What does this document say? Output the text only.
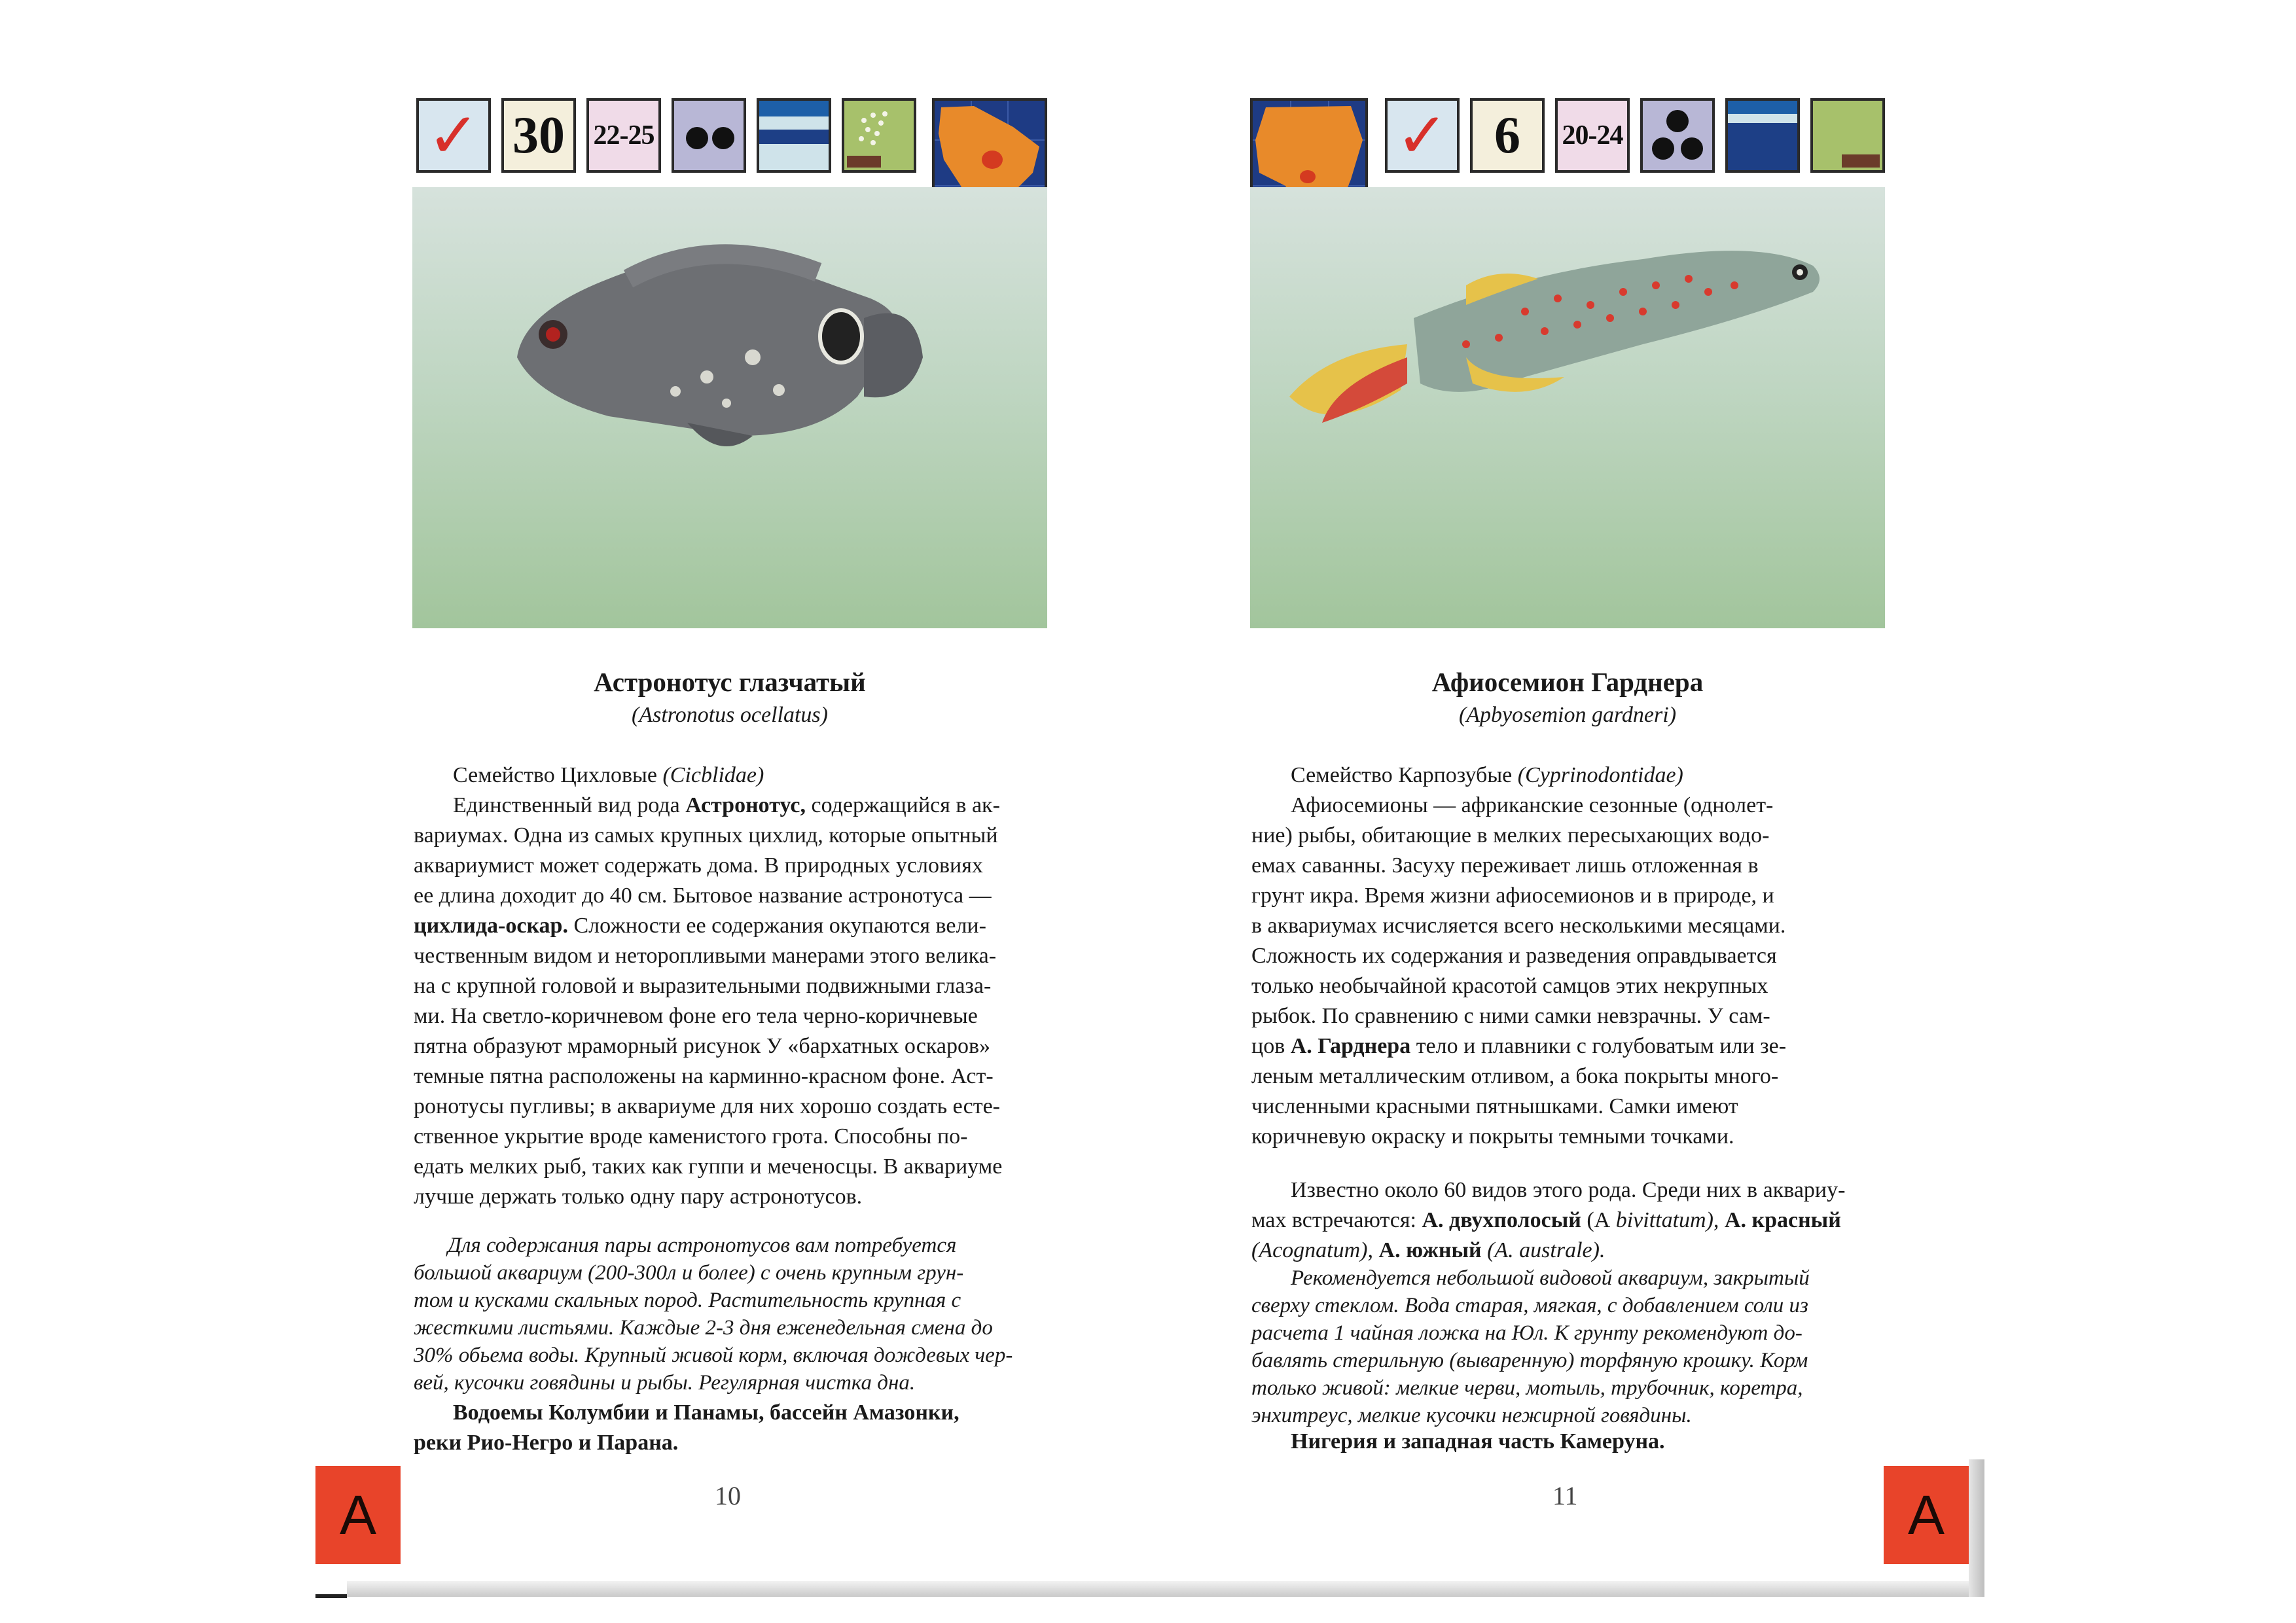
✓ 30 22-25
Астронотус глазчатый
(Astronotus ocellatus)
Семейство Цихловые (Cicblidae)
Единственный вид рода Астронотус, содержащийся в ак-
вариумах. Одна из самых крупных цихлид, которые опытный
аквариумист может содержать дома. В природных условиях
ее длина доходит до 40 см. Бытовое название астронотуса —
цихлида-оскар. Сложности ее содержания окупаются вели-
чественным видом и неторопливыми манерами этого велика-
на с крупной головой и выразительными подвижными глаза-
ми. На светло-коричневом фоне его тела черно-коричневые
пятна образуют мраморный рисунок У «бархатных оскаров»
темные пятна расположены на карминно-красном фоне. Аст-
ронотусы пугливы; в аквариуме для них хорошо создать есте-
ственное укрытие вроде каменистого грота. Способны по-
едать мелких рыб, таких как гуппи и меченосцы. В аквариуме
лучше держать только одну пару астронотусов.
Для содержания пары астронотусов вам потребуется
большой аквариум (200-300л и более) с очень крупным грун-
том и кусками скальных пород. Растительность крупная с
жесткими листьями. Каждые 2-3 дня еженедельная смена до
30% обьема воды. Крупный живой корм, включая дождевых чер-
вей, кусочки говядины и рыбы. Регулярная чистка дна.
Водоемы Колумбии и Панамы, бассейн Амазонки,
реки Рио-Негро и Парана.
10
A
✓ 6 20-24
Афиосемион Гарднера
(Apbyosemion gardneri)
Семейство Карпозубые (Cyprinodontidae)
Афиосемионы — африканские сезонные (однолет-
ние) рыбы, обитающие в мелких пересыхающих водо-
емах саванны. Засуху переживает лишь отложенная в
грунт икра. Время жизни афиосемионов и в природе, и
в аквариумах исчисляется всего несколькими месяцами.
Сложность их содержания и разведения оправдывается
только необычайной красотой самцов этих некрупных
рыбок. По сравнению с ними самки невзрачны. У сам-
цов А. Гарднера тело и плавники с голубоватым или зе-
леным металлическим отливом, а бока покрыты много-
численными красными пятнышками. Самки имеют
коричневую окраску и покрыты темными точками.
Известно около 60 видов этого рода. Среди них в аквариу-
мах встречаются: А. двухполосый (А bivittatum), А. красный
(Acognatum), А. южный (A. australe).
Рекомендуется небольшой видовой аквариум, закрытый
сверху стеклом. Вода старая, мягкая, с добавлением соли из
расчета 1 чайная ложка на Юл. К грунту рекомендуют до-
бавлять стерильную (вываренную) торфяную крошку. Корм
только живой: мелкие черви, мотыль, трубочник, коретра,
энхитреус, мелкие кусочки нежирной говядины.
Нигерия и западная часть Камеруна.
11	A
